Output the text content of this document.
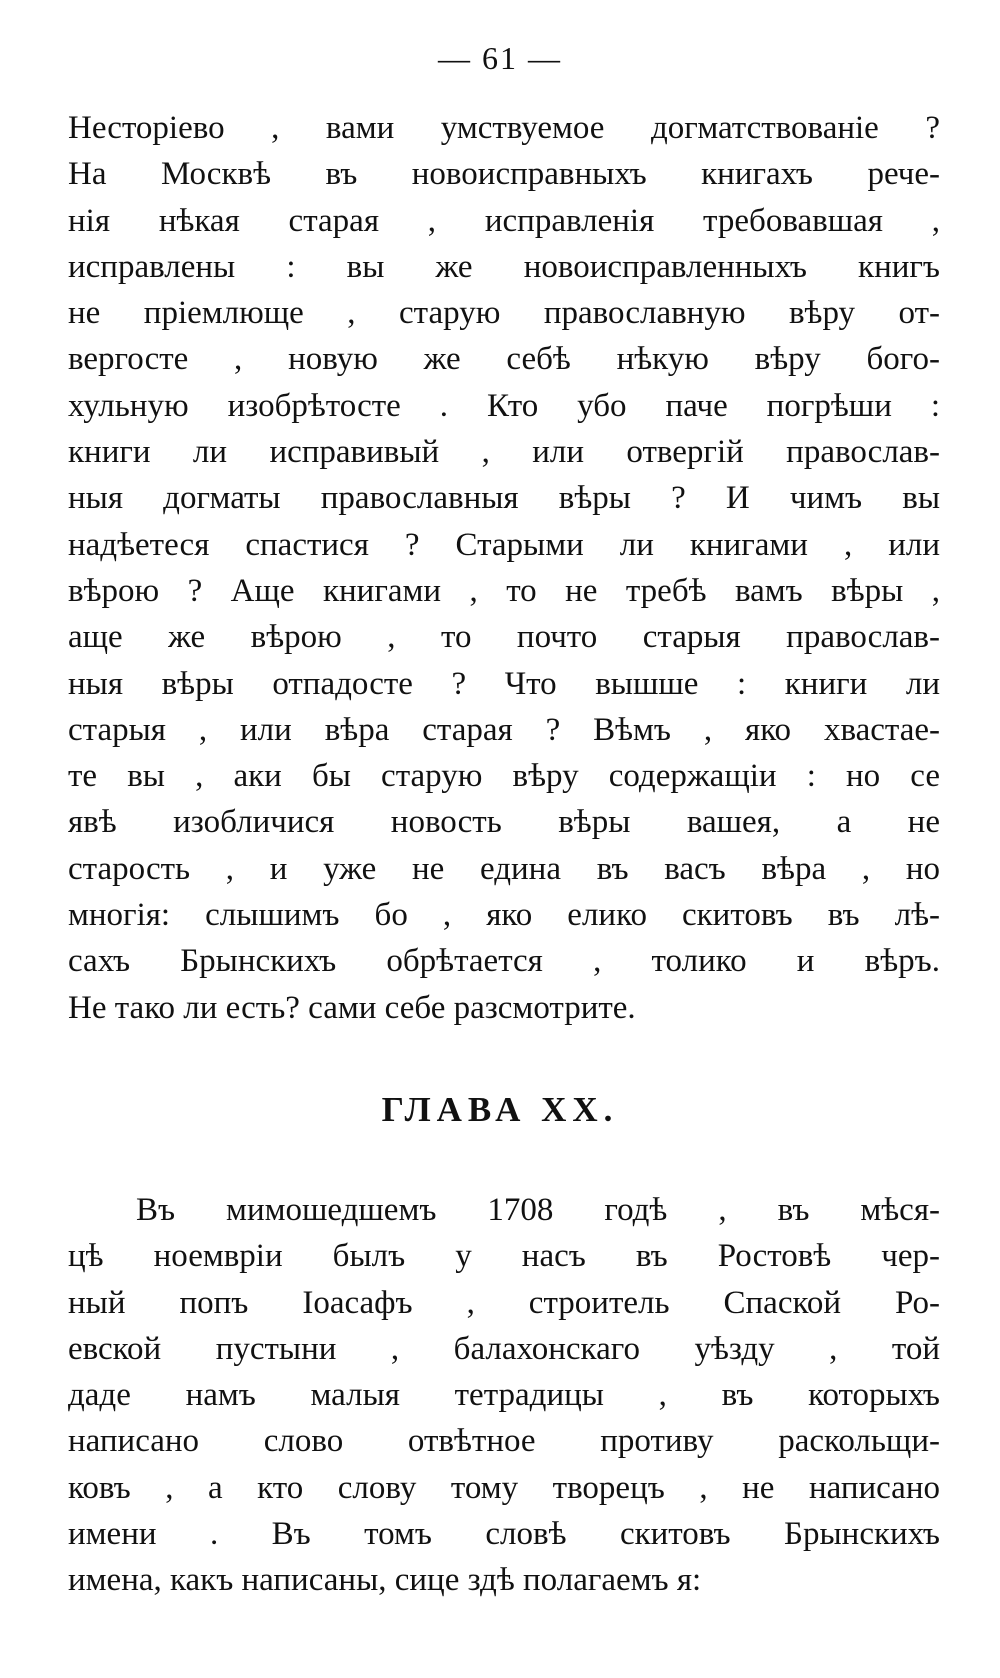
— 61 —
Несторіево , вами умствуемое догматствованіе ?
На Москвѣ въ новоисправныхъ книгахъ рече-
нія нѣкая старая , исправленія требовавшая ,
исправлены : вы же новоисправленныхъ книгъ
не пріемлюще , старую православную вѣру от-
вергосте , новую же себѣ нѣкую вѣру бого-
хульную изобрѣтосте . Кто убо паче погрѣши :
книги ли исправивый , или отвергій православ-
ныя догматы православныя вѣры ? И чимъ вы
надѣетеся спастися ? Старыми ли книгами , или
вѣрою ? Аще книгами , то не требѣ вамъ вѣры ,
аще же вѣрою , то почто старыя православ-
ныя вѣры отпадосте ? Что вышше : книги ли
старыя , или вѣра старая ? Вѣмъ , яко хвастае-
те вы , аки бы старую вѣру содержащіи : но се
явѣ изобличися новость вѣры вашея, а не
старость , и уже не едина въ васъ вѣра , но
многія: слышимъ бо , яко елико скитовъ въ лѣ-
сахъ Брынскихъ обрѣтается , толико и вѣръ.
Не тако ли есть? сами себе разсмотрите.
ГЛАВА XX.
Въ мимошедшемъ 1708 годѣ , въ мѣся-
цѣ ноемвріи былъ у насъ въ Ростовѣ чер-
ный попъ Іоасафъ , строитель Спаской Ро-
евской пустыни , балахонскаго уѣзду , той
даде намъ малыя тетрадицы , въ которыхъ
написано слово отвѣтное противу раскольщи-
ковъ , а кто слову тому творецъ , не написано
имени . Въ томъ словѣ скитовъ Брынскихъ
имена, какъ написаны, сице здѣ полагаемъ я:
